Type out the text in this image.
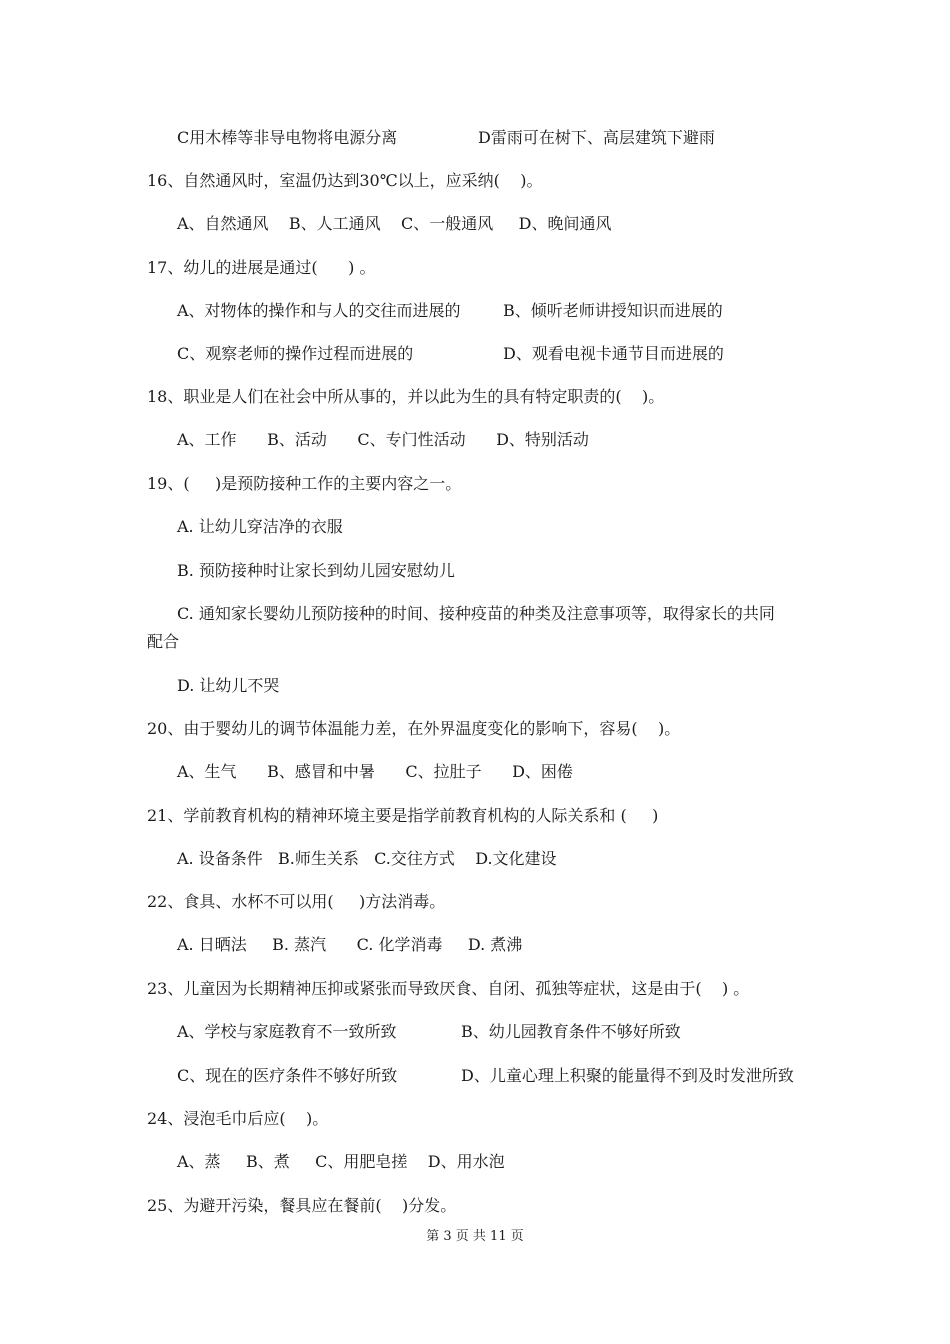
C用木棒等非导电物将电源分离	D雷雨可在树下、高层建筑下避雨
16、自然通风时，室温仍达到30℃以上，应采纳(    )。
A、自然通风    B、人工通风    C、一般通风     D、晚间通风
17、幼儿的进展是通过(      ) 。
A、对物体的操作和与人的交往而进展的	B、倾听老师讲授知识而进展的
C、观察老师的操作过程而进展的	D、观看电视卡通节目而进展的
18、职业是人们在社会中所从事的，并以此为生的具有特定职责的(    )。
A、工作      B、活动      C、专门性活动      D、特别活动
19、(     )是预防接种工作的主要内容之一。
A. 让幼儿穿洁净的衣服
B. 预防接种时让家长到幼儿园安慰幼儿
C. 通知家长婴幼儿预防接种的时间、接种疫苗的种类及注意事项等，取得家长的共同
配合
D. 让幼儿不哭
20、由于婴幼儿的调节体温能力差，在外界温度变化的影响下，容易(    )。
A、生气      B、感冒和中暑      C、拉肚子      D、困倦
21、学前教育机构的精神环境主要是指学前教育机构的人际关系和 (     )
A. 设备条件   B.师生关系   C.交往方式    D.文化建设
22、食具、水杯不可以用(     )方法消毒。
A. 日晒法     B. 蒸汽      C. 化学消毒     D. 煮沸
23、儿童因为长期精神压抑或紧张而导致厌食、自闭、孤独等症状，这是由于(    ) 。
A、学校与家庭教育不一致所致	B、幼儿园教育条件不够好所致
C、现在的医疗条件不够好所致	D、儿童心理上积聚的能量得不到及时发泄所致
24、浸泡毛巾后应(    )。
A、蒸     B、煮     C、用肥皂搓    D、用水泡
25、为避开污染，餐具应在餐前(    )分发。
第 3 页 共 11 页
